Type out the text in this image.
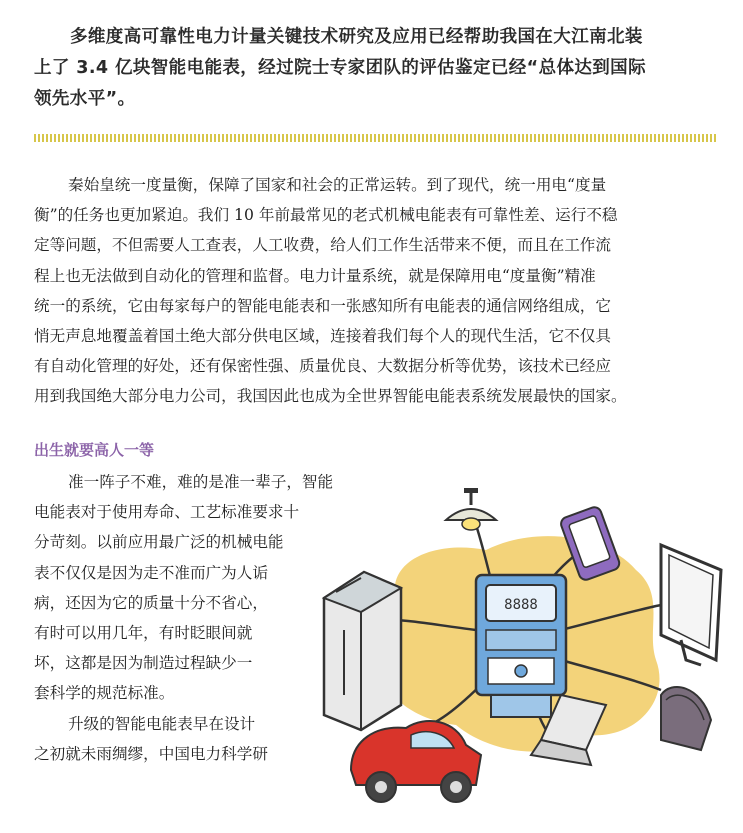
多维度高可靠性电力计量关键技术研究及应用已经帮助我国在大江南北装
上了 3.4 亿块智能电能表，经过院士专家团队的评估鉴定已经“总体达到国际
领先水平”。
秦始皇统一度量衡，保障了国家和社会的正常运转。到了现代，统一用电“度量
衡”的任务也更加紧迫。我们 10 年前最常见的老式机械电能表有可靠性差、运行不稳
定等问题，不但需要人工查表，人工收费，给人们工作生活带来不便，而且在工作流
程上也无法做到自动化的管理和监督。电力计量系统，就是保障用电“度量衡”精准
统一的系统，它由每家每户的智能电能表和一张感知所有电能表的通信网络组成，它
悄无声息地覆盖着国土绝大部分供电区域，连接着我们每个人的现代生活，它不仅具
有自动化管理的好处，还有保密性强、质量优良、大数据分析等优势，该技术已经应
用到我国绝大部分电力公司，我国因此也成为全世界智能电能表系统发展最快的国家。
出生就要高人一等
准一阵子不难，难的是准一辈子，智能
电能表对于使用寿命、工艺标准要求十
分苛刻。以前应用最广泛的机械电能
表不仅仅是因为走不准而广为人诟
病，还因为它的质量十分不省心，
有时可以用几年，有时眨眼间就
坏，这都是因为制造过程缺少一
套科学的规范标准。
升级的智能电能表早在设计
之初就未雨绸缪，中国电力科学研
8888
